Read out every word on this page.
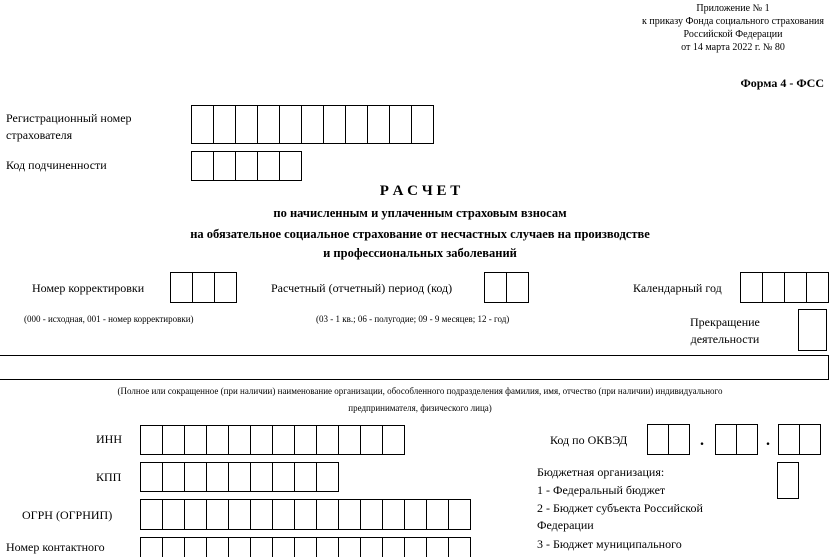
Приложение № 1
к приказу Фонда социального страхования
Российской Федерации
от 14 марта 2022 г. № 80
Форма 4 - ФСС
Регистрационный номер
страхователя
Код подчиненности
Р А С Ч Е Т
по начисленным и уплаченным страховым взносам
на обязательное социальное страхование от несчастных случаев на производстве
и профессиональных заболеваний
Номер корректировки
(000 - исходная, 001 - номер корректировки)
Расчетный (отчетный) период (код)
(03 - 1 кв.; 06 - полугодие; 09 - 9 месяцев; 12 - год)
Календарный год
Прекращение
деятельности
(Полное или сокращенное (при наличии) наименование организации, обособленного подразделения фамилия, имя, отчество (при наличии) индивидуального
предпринимателя, физического лица)
ИНН
КПП
ОГРН (ОГРНИП)
Номер контактного
Код по ОКВЭД	.	.
Бюджетная организация:
1 - Федеральный бюджет
2 - Бюджет субъекта Российской
Федерации
3 - Бюджет муниципального
